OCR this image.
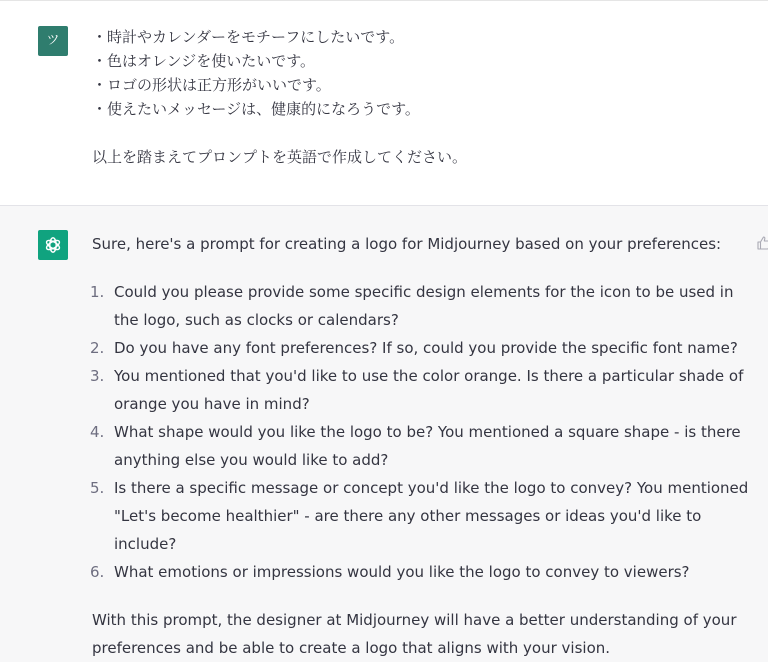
ツ	・時計やカレンダーをモチーフにしたいです。
・色はオレンジを使いたいです。
・ロゴの形状は正方形がいいです。
・使えたいメッセージは、健康的になろうです。
以上を踏まえてプロンプトを英語で作成してください。

Sure, here's a prompt for creating a logo for Midjourney based on your preferences:

1. Could you please provide some specific design elements for the icon to be used in the logo, such as clocks or calendars?
2. Do you have any font preferences? If so, could you provide the specific font name?
3. You mentioned that you'd like to use the color orange. Is there a particular shade of orange you have in mind?
4. What shape would you like the logo to be? You mentioned a square shape - is there anything else you would like to add?
5. Is there a specific message or concept you'd like the logo to convey? You mentioned "Let's become healthier" - are there any other messages or ideas you'd like to include?
6. What emotions or impressions would you like the logo to convey to viewers?

With this prompt, the designer at Midjourney will have a better understanding of your preferences and be able to create a logo that aligns with your vision.
